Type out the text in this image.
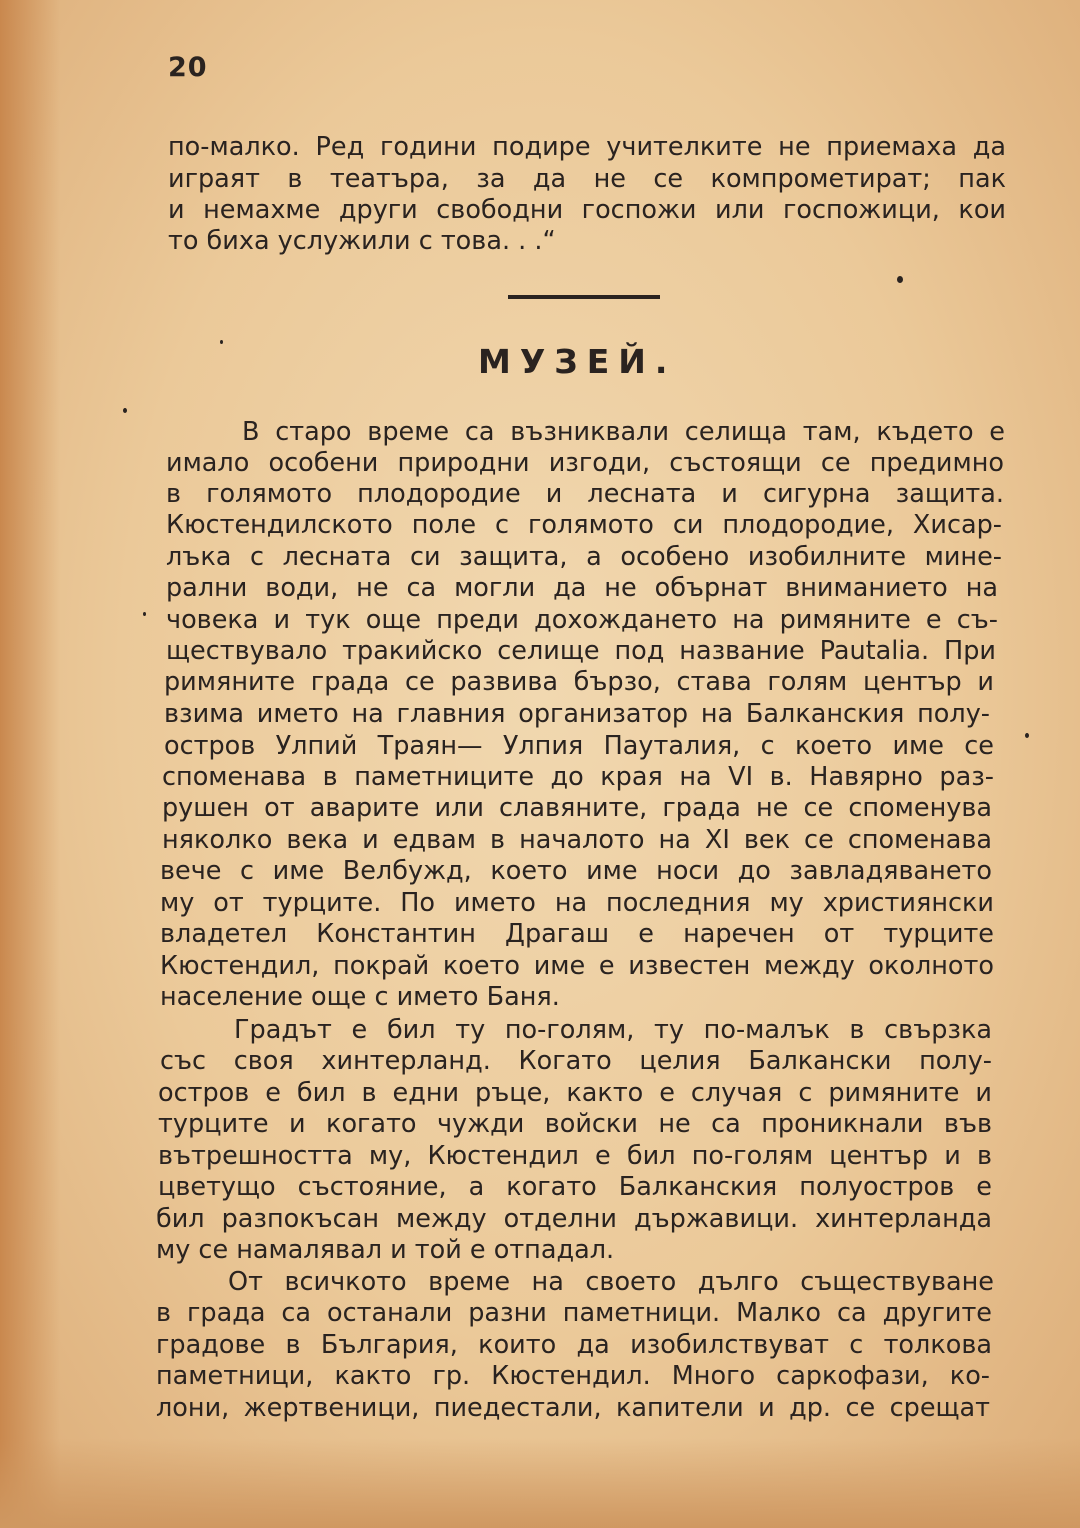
20
по-малко. Ред години подире учителките не приемаха да
играят в театъра, за да не се компрометират; пак
и немахме други свободни госпожи или госпожици, кои
то биха услужили с това. . .“
МУЗЕЙ.
В старо време са възниквали селища там, където е
имало особени природни изгоди, състоящи се предимно
в голямото плодородие и лесната и сигурна защита.
Кюстендилското поле с голямото си плодородие, Хисар-
лъка с лесната си защита, а особено изобилните мине-
рални води, не са могли да не обърнат вниманието на
човека и тук още преди дохождането на римяните е съ-
ществувало тракийско селище под название Pautalia. При
римяните града се развива бързо, става голям център и
взима името на главния организатор на Балканския полу-
остров Улпий Траян— Улпия Пауталия, с което име се
споменава в паметниците до края на VI в. Навярно раз-
рушен от аварите или славяните, града не се споменува
няколко века и едвам в началото на XI век се споменава
вече с име Велбужд, което име носи до завладяването
му от турците. По името на последния му християнски
владетел Константин Драгаш е наречен от турците
Кюстендил, покрай което име е известен между околното
население още с името Баня.
Градът е бил ту по-голям, ту по-малък в свързка
със своя хинтерланд. Когато целия Балкански полу-
остров е бил в едни ръце, както е случая с римяните и
турците и когато чужди войски не са проникнали във
вътрешността му, Кюстендил е бил по-голям център и в
цветущо състояние, а когато Балканския полуостров е
бил разпокъсан между отделни държавици. хинтерланда
му се намалявал и той е отпадал.
От всичкото време на своето дълго съществуване
в града са останали разни паметници. Малко са другите
градове в България, които да изобилствуват с толкова
паметници, както гр. Кюстендил. Много саркофази, ко-
лони, жертвеници, пиедестали, капители и др. се срещат
